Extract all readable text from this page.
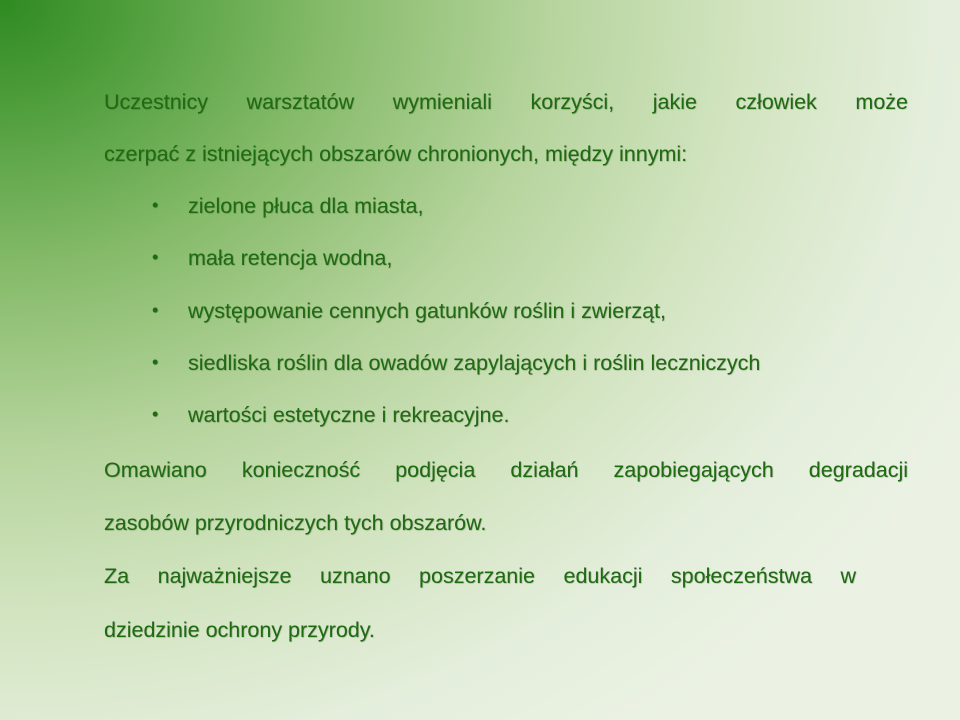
Uczestnicy warsztatów wymieniali korzyści, jakie człowiek może
czerpać z istniejących obszarów chronionych, między innymi:
• zielone płuca dla miasta,
• mała retencja wodna,
• występowanie cennych gatunków roślin i zwierząt,
• siedliska roślin dla owadów zapylających i roślin leczniczych
• wartości estetyczne i rekreacyjne.
Omawiano konieczność podjęcia działań zapobiegających degradacji
zasobów przyrodniczych tych obszarów.
Za najważniejsze uznano poszerzanie edukacji społeczeństwa w
dziedzinie ochrony przyrody.
